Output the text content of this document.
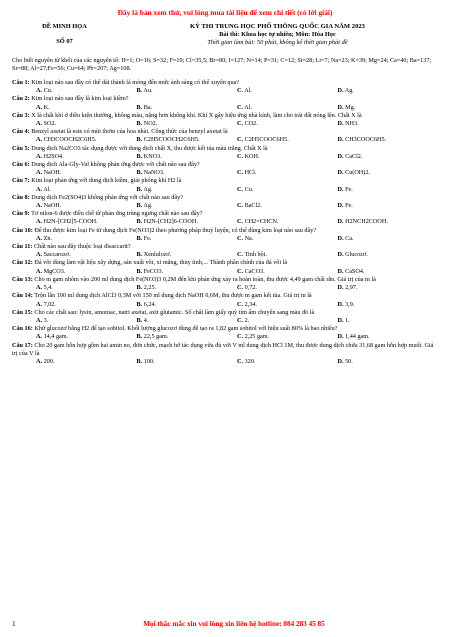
Đây là bản xem thử, vui lòng mua tài liệu để xem chi tiết (có lời giải)
ĐỀ MINH HỌA
SỐ 07
KỲ THI TRUNG HỌC PHỔ THÔNG QUỐC GIA NĂM 2023
Bài thi: Khoa học tự nhiên; Môn: Hóa Học
Thời gian làm bài: 50 phút, không kể thời gian phát đề
Cho biết nguyên tử khối của các nguyên tố: H=1; O=16; S=32; F=19; Cl=35,5; Br=80; I=127; N=14; P=31; C=12; Si=28; Li=7; Na=23; K=39; Mg=24; Ca=40; Ba=137; Sr=88; Al=27;Fe=56; Cu=64; Pb=207; Ag=108.
Câu 1: Kim loại nào sau đây có thể dát thành lá mỏng đến mức ánh sáng có thể xuyên qua?
A. Cu.	B. Au.	C. Al.	D. Ag.
Câu 2: Kim loại nào sau đây là kim loại kiềm?
A. K.	B. Ba.	C. Al.	D. Mg.
Câu 3: X là chất khí ở điều kiện thường, không màu, nặng hơn không khí. Khí X gây hiệu ứng nhà kính, làm cho trái đất nóng lên. Chất X là
A. SO2.	B. NO2.	C. CO2.	D. NH3.
Câu 4: Benzyl axetat là este có mùi thơm của hoa nhài. Công thức của benzyl axetat là
A. CH3COOCH2C6H5.	B. C2H5COOCH2C6H5.	C. C2H5COOC6H5.	D. CH3COOC6H5.
Câu 5: Dung dịch Na2CO3 tác dụng được với dung dịch chất X, thu được kết tủa màu trắng. Chất X là
A. H2SO4.	B. KNO3.	C. KOH.	D. CaCl2.
Câu 6: Dung dịch Ala-Gly-Val không phản ứng được với chất nào sau đây?
A. NaOH.	B. NaNO3.	C. HCl.	D. Cu(OH)2.
Câu 7: Kim loại phản ứng với dung dịch kiềm, giải phóng khí H2 là
A. Al.	B. Ag.	C. Cu.	D. Fe.
Câu 8: Dung dịch Fe2(SO4)3 không phản ứng với chất nào sau đây?
A. NaOH.	B. Ag.	C. BaCl2.	D. Fe.
Câu 9: Tơ nilon-6 được điều chế từ phản ứng trùng ngưng chất nào sau đây?
A. H2N-[CH2]5-COOH.	B. H2N-[CH2]6-COOH.	C. CH2=CHCN.	D. H2NCH2COOH.
Câu 10: Để thu được kim loại Fe từ dung dịch Fe(NO3)2 theo phương pháp thuỷ luyện, có thể dùng kim loại nào sau đây?
A. Zn.	B. Fe.	C. Na.	D. Ca.
Câu 11: Chất nào sau đây thuộc loại đisaccarit?
A. Saccarozơ.	B. Xenlulozơ.	C. Tinh bột.	D. Glucozơ.
Câu 12: Đá vôi dùng làm vật liệu xây dựng, sản xuất vôi, xi măng, thủy tinh,... Thành phần chính của đá vôi là
A. MgCO3.	B. FeCO3.	C. CaCO3.	D. CaSO4.
Câu 13: Cho m gam nhôm vào 200 ml dung dịch Fe(NO3)3 0,2M đến khi phản ứng xảy ra hoàn toàn, thu được 4,49 gam chất rắn. Giá trị của m là
A. 5,4.	B. 2,25.	C. 0,72.	D. 2,97.
Câu 14: Trộn lẫn 100 ml dung dịch AlCl3 0,3M với 150 ml dung dịch NaOH 0,6M, thu được m gam kết tủa. Giá trị m là
A. 7,02.	B. 6,24.	C. 2,34.	D. 3,9.
Câu 15: Cho các chất sau: lysin, amoniac, natri axetat, axit glutamic. Số chất làm giấy quỳ tím ẩm chuyển sang màu đỏ là
A. 3.	B. 4.	C. 2.	D. 1.
Câu 16: Khử glucozơ bằng H2 để tạo sobitol. Khối lượng glucozơ dùng để tạo ra 1,82 gam sobitol với hiệu suất 80% là bao nhiêu?
A. 14,4 gam.	B. 22,5 gam.	C. 2,25 gam.	D. 1,44 gam.
Câu 17: Cho 20 gam hỗn hợp gồm hai amin no, đơn chức, mạch hở tác dụng vừa đủ với V ml dung dịch HCl 1M, thu được dung dịch chứa 31,68 gam hỗn hợp muối. Giá trị của V là
A. 200.	B. 100.	C. 320.	D. 50.
1	Mọi thắc mắc xin vui lòng xin liên hệ hotline: 084 283 45 85
